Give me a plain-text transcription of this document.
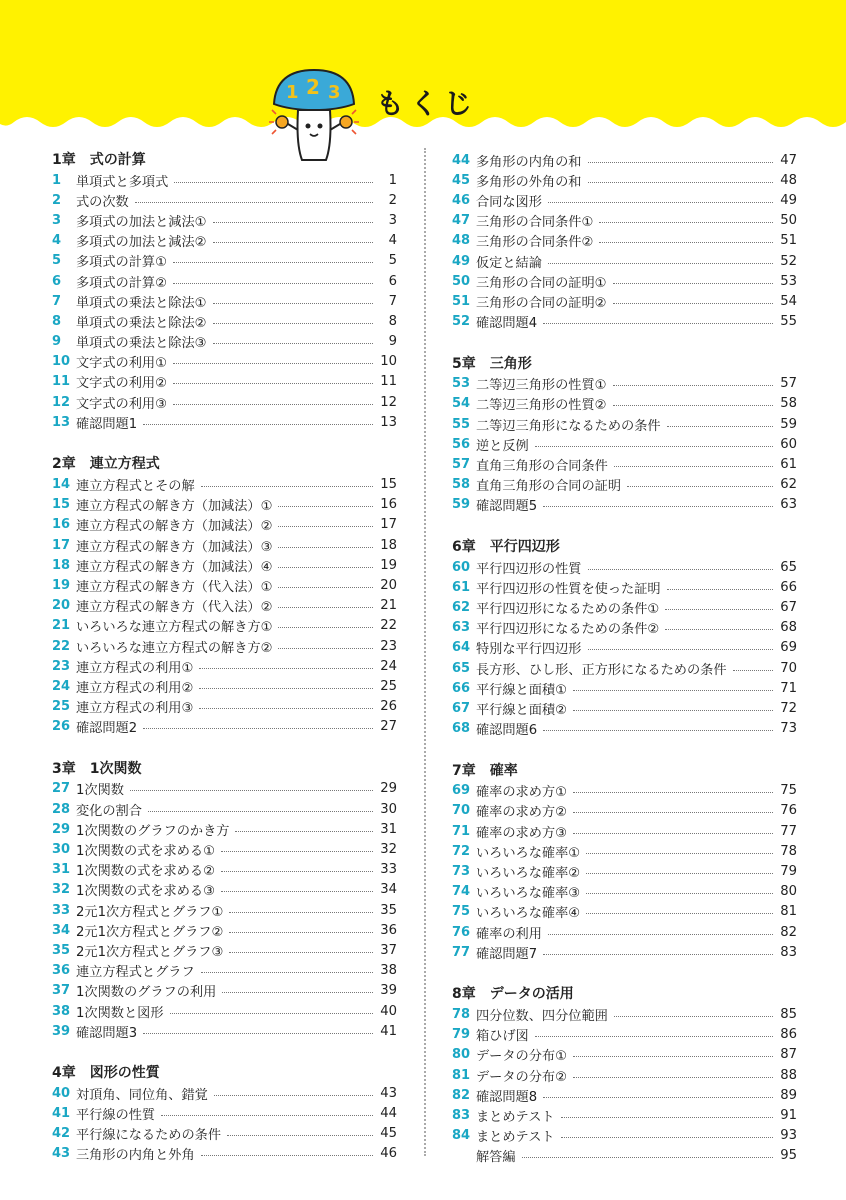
1 2 3 もくじ
1章　式の計算
1	単項式と多項式	1
2	式の次数	2
3	多項式の加法と減法①	3
4	多項式の加法と減法②	4
5	多項式の計算①	5
6	多項式の計算②	6
7	単項式の乗法と除法①	7
8	単項式の乗法と除法②	8
9	単項式の乗法と除法③	9
10 文字式の利用①	10
11 文字式の利用②	11
12 文字式の利用③	12
13 確認問題1	13
2章　連立方程式
14 連立方程式とその解	15
15 連立方程式の解き方（加減法）①	16
16 連立方程式の解き方（加減法）②	17
17 連立方程式の解き方（加減法）③	18
18 連立方程式の解き方（加減法）④	19
19 連立方程式の解き方（代入法）①	20
20 連立方程式の解き方（代入法）②	21
21 いろいろな連立方程式の解き方①	22
22 いろいろな連立方程式の解き方②	23
23 連立方程式の利用①	24
24 連立方程式の利用②	25
25 連立方程式の利用③	26
26 確認問題2	27
3章　1次関数
27 1次関数	29
28 変化の割合	30
29 1次関数のグラフのかき方	31
30 1次関数の式を求める①	32
31 1次関数の式を求める②	33
32 1次関数の式を求める③	34
33 2元1次方程式とグラフ①	35
34 2元1次方程式とグラフ②	36
35 2元1次方程式とグラフ③	37
36 連立方程式とグラフ	38
37 1次関数のグラフの利用	39
38 1次関数と図形	40
39 確認問題3	41
4章　図形の性質
40 対頂角、同位角、錯覚	43
41 平行線の性質	44
42 平行線になるための条件	45
43 三角形の内角と外角	46
44 多角形の内角の和	47
45 多角形の外角の和	48
46 合同な図形	49
47 三角形の合同条件①	50
48 三角形の合同条件②	51
49 仮定と結論	52
50 三角形の合同の証明①	53
51 三角形の合同の証明②	54
52 確認問題4	55
5章　三角形
53 二等辺三角形の性質①	57
54 二等辺三角形の性質②	58
55 二等辺三角形になるための条件	59
56 逆と反例	60
57 直角三角形の合同条件	61
58 直角三角形の合同の証明	62
59 確認問題5	63
6章　平行四辺形
60 平行四辺形の性質	65
61 平行四辺形の性質を使った証明	66
62 平行四辺形になるための条件①	67
63 平行四辺形になるための条件②	68
64 特別な平行四辺形	69
65 長方形、ひし形、正方形になるための条件	70
66 平行線と面積①	71
67 平行線と面積②	72
68 確認問題6	73
7章　確率
69 確率の求め方①	75
70 確率の求め方②	76
71 確率の求め方③	77
72 いろいろな確率①	78
73 いろいろな確率②	79
74 いろいろな確率③	80
75 いろいろな確率④	81
76 確率の利用	82
77 確認問題7	83
8章　データの活用
78 四分位数、四分位範囲	85
79 箱ひげ図	86
80 データの分布①	87
81 データの分布②	88
82 確認問題8	89
83 まとめテスト	91
84 まとめテスト	93
解答編	95
